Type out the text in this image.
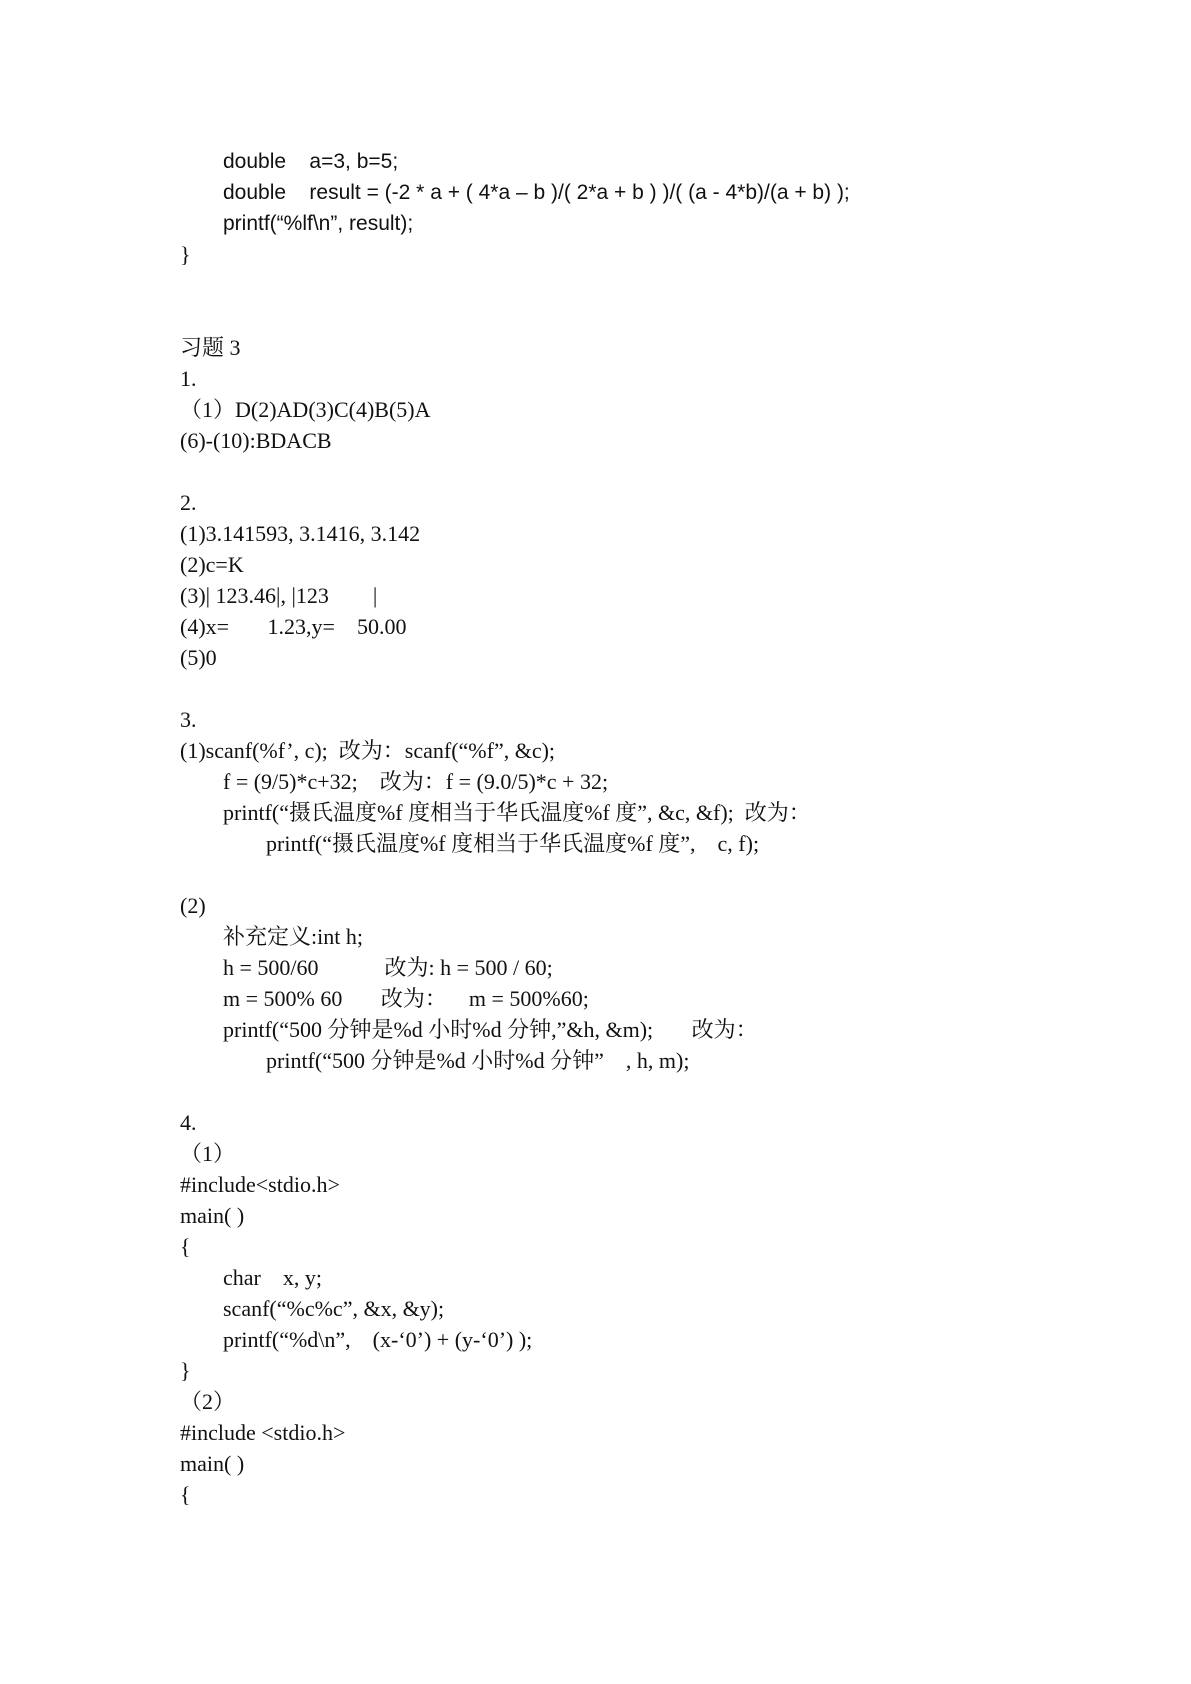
double    a=3, b=5;
double    result = (-2 * a + ( 4*a – b )/( 2*a + b ) )/( (a - 4*b)/(a + b) );
printf(“%lf\n”, result);
}
习题 3
1.
（1）D(2)AD(3)C(4)B(5)A
(6)-(10):BDACB
2.
(1)3.141593, 3.1416, 3.142
(2)c=K
(3)| 123.46|, |123        |
(4)x=       1.23,y=    50.00
(5)0
3.
(1)scanf(%f’, c);  改为：scanf(“%f”, &c);
f = (9/5)*c+32;    改为：f = (9.0/5)*c + 32;
printf(“摄氏温度%f 度相当于华氏温度%f 度”, &c, &f);  改为：
printf(“摄氏温度%f 度相当于华氏温度%f 度”,    c, f);
(2)
补充定义:int h;
h = 500/60            改为: h = 500 / 60;
m = 500% 60       改为：    m = 500%60;
printf(“500 分钟是%d 小时%d 分钟,”&h, &m);       改为：
printf(“500 分钟是%d 小时%d 分钟”    , h, m);
4.
（1）
#include<stdio.h>
main( )
{
char    x, y;
scanf(“%c%c”, &x, &y);
printf(“%d\n”,    (x-‘0’) + (y-‘0’) );
}
（2）
#include <stdio.h>
main( )
{
